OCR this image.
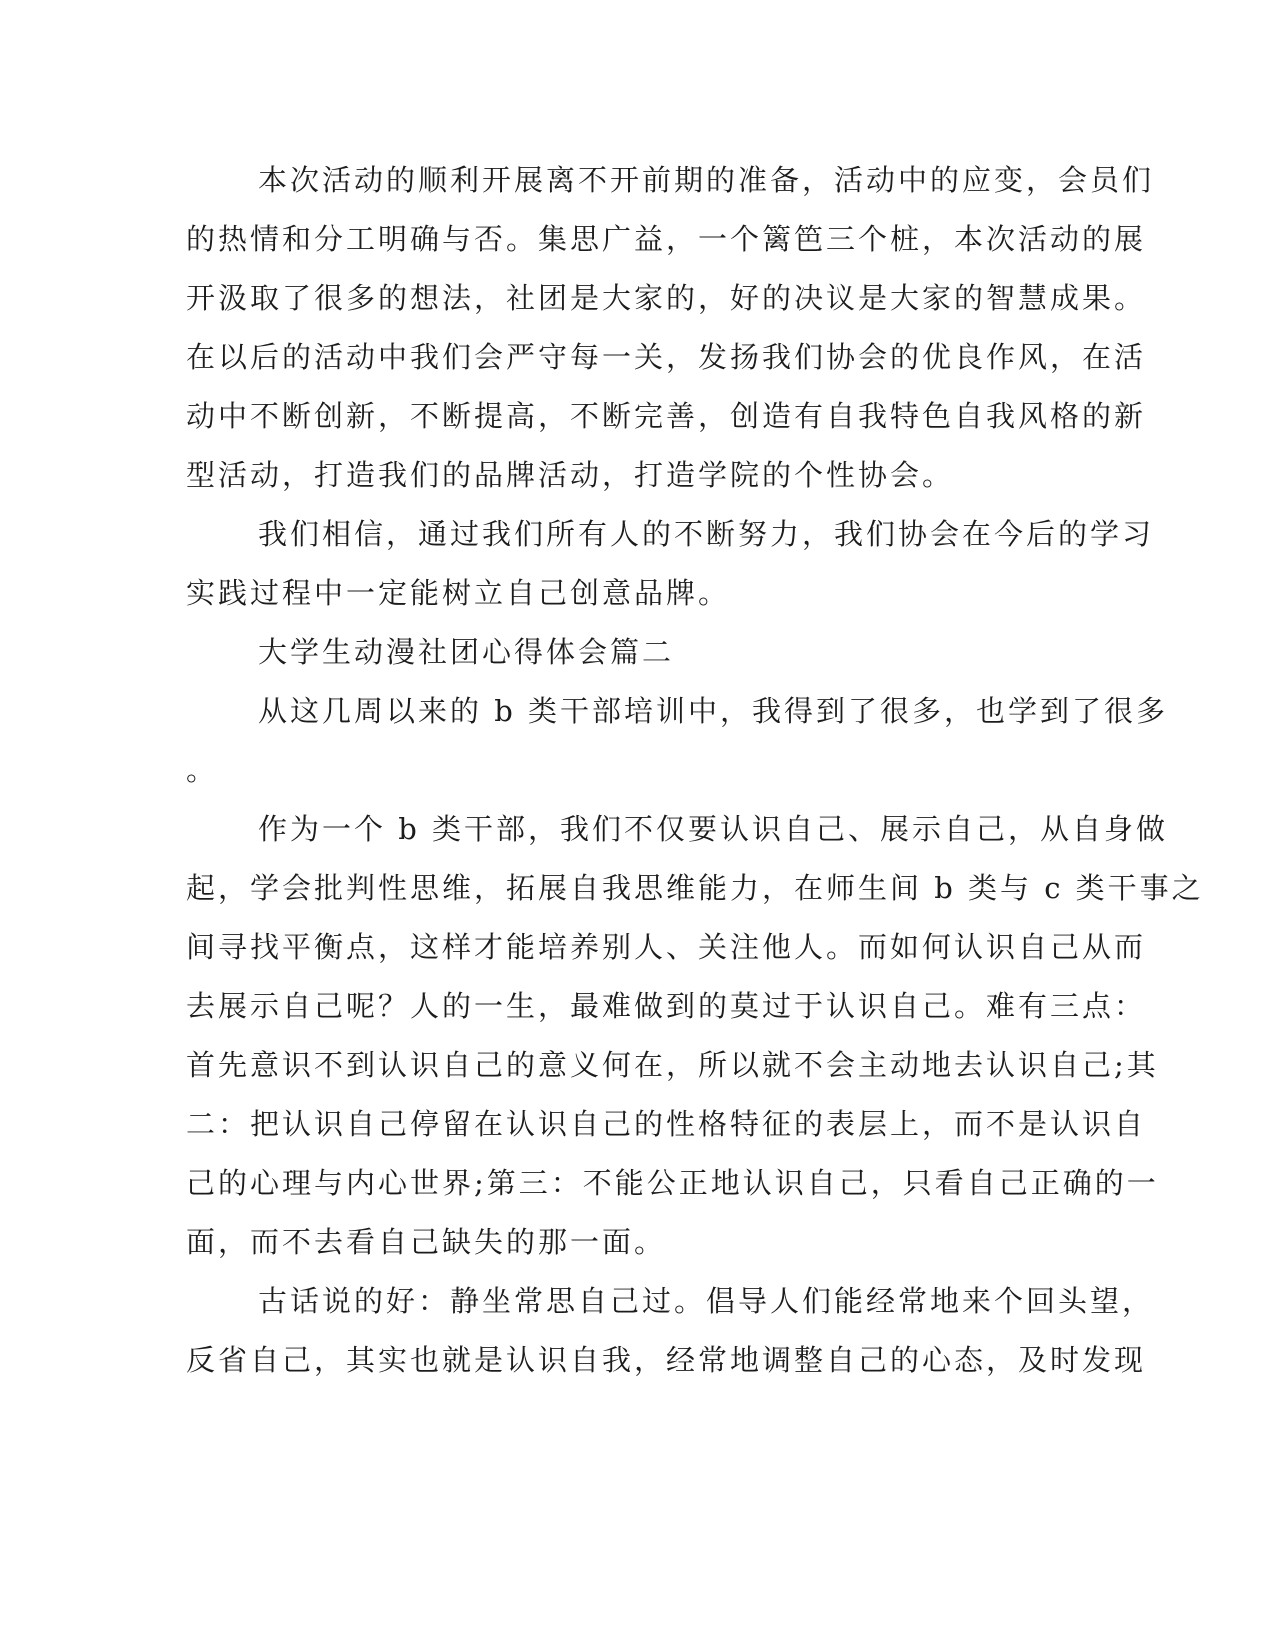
本次活动的顺利开展离不开前期的准备，活动中的应变，会员们
的热情和分工明确与否。集思广益，一个篱笆三个桩，本次活动的展
开汲取了很多的想法，社团是大家的，好的决议是大家的智慧成果。
在以后的活动中我们会严守每一关，发扬我们协会的优良作风，在活
动中不断创新，不断提高，不断完善，创造有自我特色自我风格的新
型活动，打造我们的品牌活动，打造学院的个性协会。
我们相信，通过我们所有人的不断努力，我们协会在今后的学习
实践过程中一定能树立自己创意品牌。
大学生动漫社团心得体会篇二
从这几周以来的 b 类干部培训中，我得到了很多，也学到了很多
。
作为一个 b 类干部，我们不仅要认识自己、展示自己，从自身做
起，学会批判性思维，拓展自我思维能力，在师生间 b 类与 c 类干事之
间寻找平衡点，这样才能培养别人、关注他人。而如何认识自己从而
去展示自己呢？人的一生，最难做到的莫过于认识自己。难有三点：
首先意识不到认识自己的意义何在，所以就不会主动地去认识自己;其
二：把认识自己停留在认识自己的性格特征的表层上，而不是认识自
己的心理与内心世界;第三：不能公正地认识自己，只看自己正确的一
面，而不去看自己缺失的那一面。
古话说的好：静坐常思自己过。倡导人们能经常地来个回头望，
反省自己，其实也就是认识自我，经常地调整自己的心态，及时发现
